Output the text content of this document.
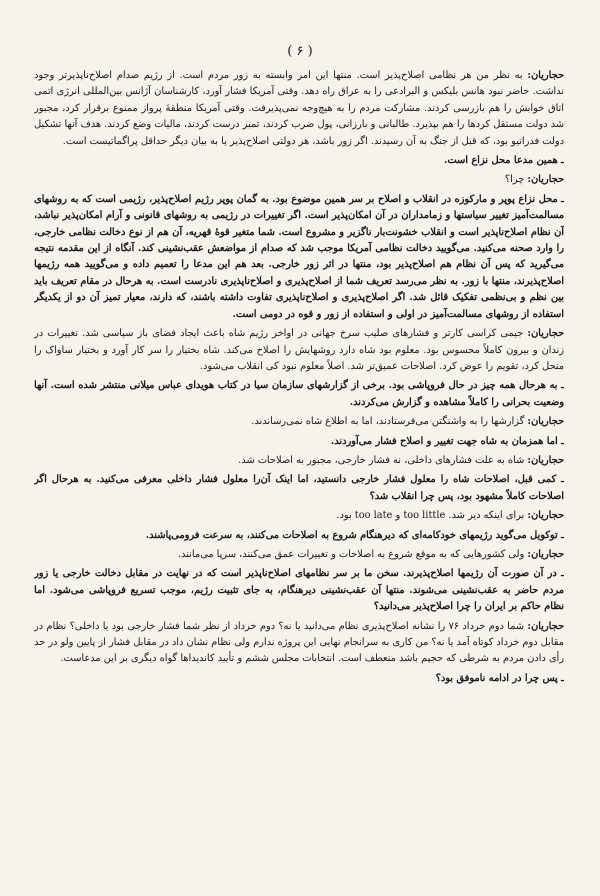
( ۶ )

حجاریان: به نظر من هر نظامی اصلاح‌پذیر است. منتها این امر وابسته به زور مردم است. از رژیم صدام اصلاح‌ناپذیرتر وجود نداشت. حاضر نبود هانس بلیکس و البرادعی را به عراق راه دهد. وقتی آمریکا فشار آورد، کارشناسان آژانس بین‌المللی انرژی اتمی اتاق خوابش را هم بازرسی کردند. مشارکت مردم را به هیچ‌وجه نمی‌پذیرفت. وقتی آمریکا منطقهٔ پرواز ممنوع برقرار کرد، مجبور شد دولت مستقل کردها را هم بپذیرد. طالبانی و بارزانی، پول ضرب کردند، تمبر درست کردند، مالیات وضع کردند. هدف آنها تشکیل دولت فدراتیو بود، که قبل از جنگ به آن رسیدند. اگر زور باشد، هر دولتی اصلاح‌پذیر یا به بیان دیگر حداقل پراگماتیست است.

ـ همین مدعا محل نزاع است.

حجاریان: چرا؟

ـ محل نزاع پوپر و مارکوزه در انقلاب و اصلاح بر سر همین موضوع بود. به گمان پوپر رژیم اصلاح‌پذیر، رژیمی است که به روشهای مسالمت‌آمیز تغییر سیاستها و زمامداران در آن امکان‌پذیر است. اگر تغییرات در رژیمی به روشهای قانونی و آرام امکان‌پذیر نباشد، آن نظام اصلاح‌ناپذیر است و انقلاب خشونت‌بار ناگزیر و مشروع است. شما متغیر قوهٔ قهریه، آن هم از نوع دخالت نظامی خارجی، را وارد صحنه می‌کنید. می‌گویید دخالت نظامی آمریکا موجب شد که صدام از مواضعش عقب‌نشینی کند. آنگاه از این مقدمه نتیجه می‌گیرید که پس آن نظام هم اصلاح‌پذیر بود، منتها در اثر زور خارجی. بعد هم این مدعا را تعمیم داده و می‌گویید همه رژیمها اصلاح‌پذیرند، منتها با زور. به نظر می‌رسد تعریف شما از اصلاح‌پذیری و اصلاح‌ناپذیری نادرست است. به هرحال در مقام تعریف باید بین نظم و بی‌نظمی تفکیک قائل شد. اگر اصلاح‌پذیری و اصلاح‌ناپذیری تفاوت داشته باشند، که دارند، معیار تمیز آن دو از یکدیگر استفاده از روشهای مسالمت‌آمیز در اولی و استفاده از زور و قوه در دومی است.

حجاریان: جیمی کراسی کارتر و فشارهای صلیب سرخ جهانی در اواخر رژیم شاه باعث ایجاد فضای باز سیاسی شد. تغییرات در زندان و بیرون کاملاً محسوس بود. معلوم بود شاه دارد روشهایش را اصلاح می‌کند. شاه بختیار را سر کار آورد و بختیار ساواک را منحل کرد، تقویم را عوض کرد. اصلاحات عمیق‌تر شد. اصلاً معلوم نبود کی انقلاب می‌شود.

ـ به هرحال همه چیز در حال فروپاشی بود. برخی از گزارشهای سازمان سیا در کتاب هویدای عباس میلانی منتشر شده است. آنها وضعیت بحرانی را کاملاً مشاهده و گزارش می‌کردند.

حجاریان: گزارشها را به واشنگتن می‌فرستادند، اما به اطلاع شاه نمی‌رساندند.

ـ اما همزمان به شاه جهت تغییر و اصلاح فشار می‌آوردند.

حجاریان: شاه به علت فشارهای داخلی، نه فشار خارجی، مجبور به اصلاحات شد.

ـ کمی قبل، اصلاحات شاه را معلول فشار خارجی دانستید، اما اینک آن‌را معلول فشار داخلی معرفی می‌کنید. به هرحال اگر اصلاحات کاملاً مشهود بود، پس چرا انقلاب شد؟

حجاریان: برای اینکه دیر شد. too little و too late بود.

ـ توکویل می‌گوید رژیمهای خودکامه‌ای که دیرهنگام شروع به اصلاحات می‌کنند، به سرعت فرومی‌پاشند.

حجاریان: ولی کشورهایی که به موقع شروع به اصلاحات و تغییرات عمق می‌کنند، سرپا می‌مانند.

ـ در آن صورت آن رژیمها اصلاح‌پذیرند. سخن ما بر سر نظامهای اصلاح‌ناپذیر است که در نهایت در مقابل دخالت خارجی یا زور مردم حاضر به عقب‌نشینی می‌شوند. منتها آن عقب‌نشینی دیرهنگام، به جای تثبیت رژیم، موجب تسریع فروپاشی می‌شود. اما نظام حاکم بر ایران را چرا اصلاح‌پذیر می‌دانید؟

حجاریان: شما دوم خرداد ۷۶ را نشانه اصلاح‌پذیری نظام می‌دانید یا نه؟ دوم خرداد از نظر شما فشار خارجی بود یا داخلی؟ نظام در مقابل دوم خرداد کوتاه آمد یا نه؟ من کاری به سرانجام نهایی این پروژه ندارم ولی نظام نشان داد در مقابل فشار از پایین ولو در حد رأی دادن مردم به شرطی که حجیم باشد منعطف است. انتخابات مجلس ششم و تأیید کاندیداها گواه دیگری بر این مدعاست.

ـ پس چرا در ادامه ناموفق بود؟
